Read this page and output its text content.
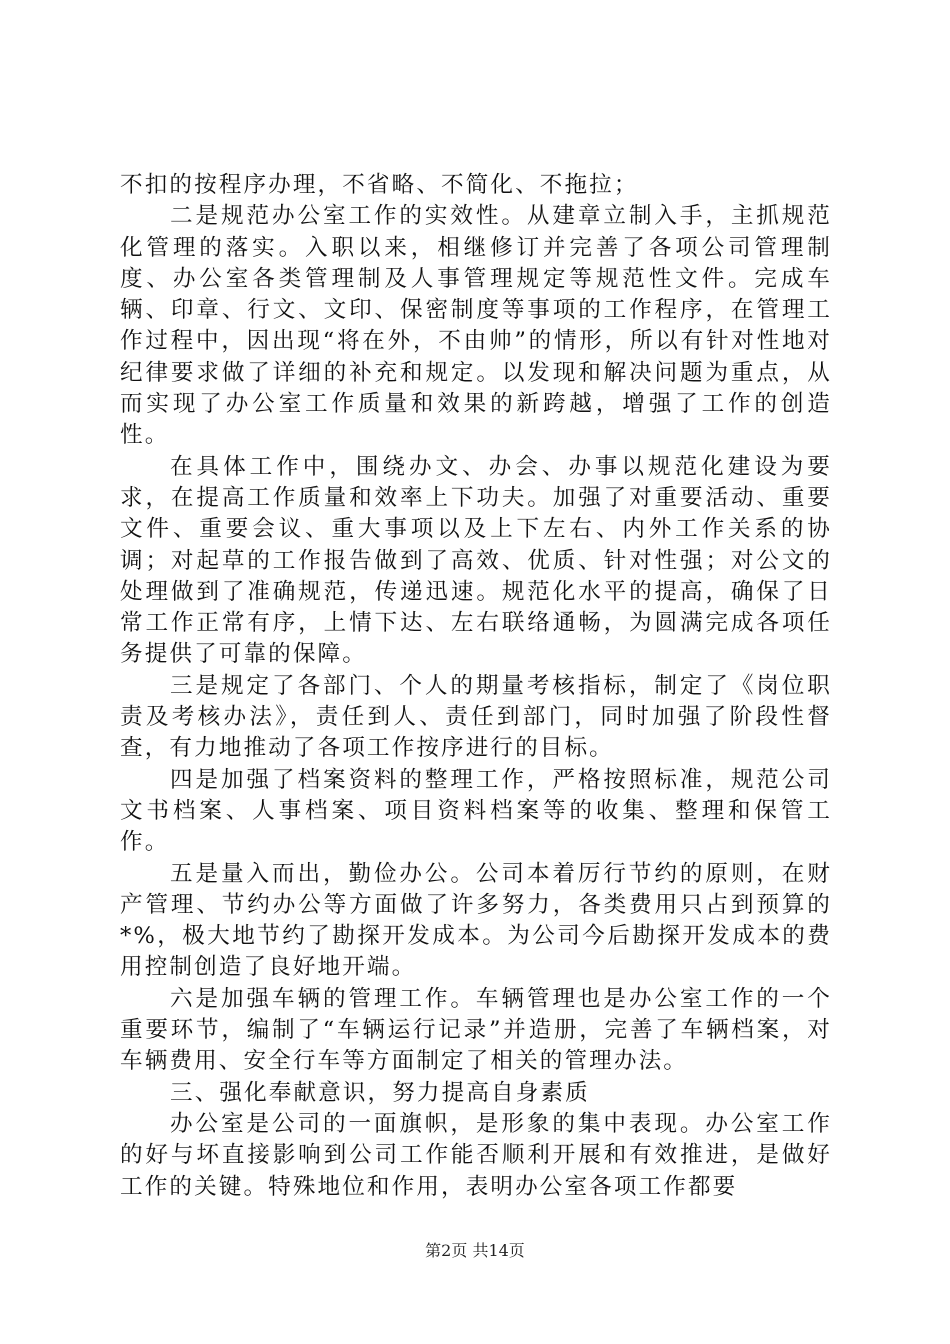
不扣的按程序办理，不省略、不简化、不拖拉；

二是规范办公室工作的实效性。从建章立制入手，主抓规范化管理的落实。入职以来，相继修订并完善了各项公司管理制度、办公室各类管理制及人事管理规定等规范性文件。完成车辆、印章、行文、文印、保密制度等事项的工作程序，在管理工作过程中，因出现“将在外，不由帅”的情形，所以有针对性地对纪律要求做了详细的补充和规定。以发现和解决问题为重点，从而实现了办公室工作质量和效果的新跨越，增强了工作的创造性。

在具体工作中，围绕办文、办会、办事以规范化建设为要求，在提高工作质量和效率上下功夫。加强了对重要活动、重要文件、重要会议、重大事项以及上下左右、内外工作关系的协调；对起草的工作报告做到了高效、优质、针对性强；对公文的处理做到了准确规范，传递迅速。规范化水平的提高，确保了日常工作正常有序，上情下达、左右联络通畅，为圆满完成各项任务提供了可靠的保障。

三是规定了各部门、个人的期量考核指标，制定了《岗位职责及考核办法》，责任到人、责任到部门，同时加强了阶段性督查，有力地推动了各项工作按序进行的目标。

四是加强了档案资料的整理工作，严格按照标准，规范公司文书档案、人事档案、项目资料档案等的收集、整理和保管工作。

五是量入而出，勤俭办公。公司本着厉行节约的原则，在财产管理、节约办公等方面做了许多努力，各类费用只占到预算的*%，极大地节约了勘探开发成本。为公司今后勘探开发成本的费用控制创造了良好地开端。

六是加强车辆的管理工作。车辆管理也是办公室工作的一个重要环节，编制了“车辆运行记录”并造册，完善了车辆档案，对车辆费用、安全行车等方面制定了相关的管理办法。

三、强化奉献意识，努力提高自身素质

办公室是公司的一面旗帜，是形象的集中表现。办公室工作的好与坏直接影响到公司工作能否顺利开展和有效推进，是做好工作的关键。特殊地位和作用，表明办公室各项工作都要

第2页 共14页
